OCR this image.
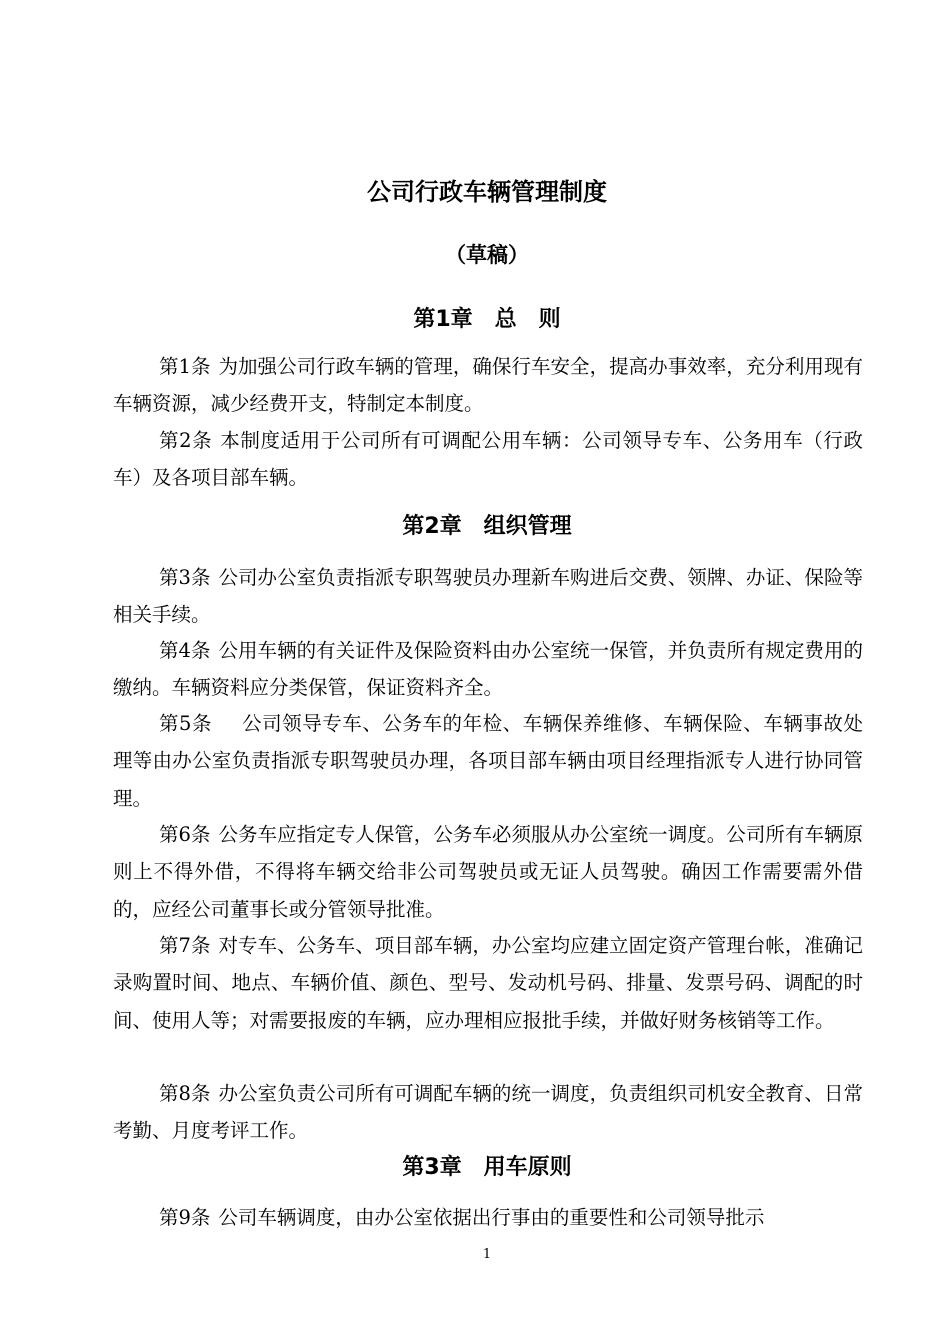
公司行政车辆管理制度
（草稿）
第1章　总　则

第1条 为加强公司行政车辆的管理，确保行车安全，提高办事效率，充分利用现有车辆资源，减少经费开支，特制定本制度。

第2条 本制度适用于公司所有可调配公用车辆：公司领导专车、公务用车（行政车）及各项目部车辆。

第2章　组织管理

第3条 公司办公室负责指派专职驾驶员办理新车购进后交费、领牌、办证、保险等相关手续。

第4条 公用车辆的有关证件及保险资料由办公室统一保管，并负责所有规定费用的缴纳。车辆资料应分类保管，保证资料齐全。

第5条 公司领导专车、公务车的年检、车辆保养维修、车辆保险、车辆事故处理等由办公室负责指派专职驾驶员办理，各项目部车辆由项目经理指派专人进行协同管理。

第6条 公务车应指定专人保管，公务车必须服从办公室统一调度。公司所有车辆原则上不得外借，不得将车辆交给非公司驾驶员或无证人员驾驶。确因工作需要需外借的，应经公司董事长或分管领导批准。

第7条 对专车、公务车、项目部车辆，办公室均应建立固定资产管理台帐，准确记录购置时间、地点、车辆价值、颜色、型号、发动机号码、排量、发票号码、调配的时间、使用人等；对需要报废的车辆，应办理相应报批手续，并做好财务核销等工作。

第8条 办公室负责公司所有可调配车辆的统一调度，负责组织司机安全教育、日常考勤、月度考评工作。

第3章　用车原则

第9条 公司车辆调度，由办公室依据出行事由的重要性和公司领导批示

1
